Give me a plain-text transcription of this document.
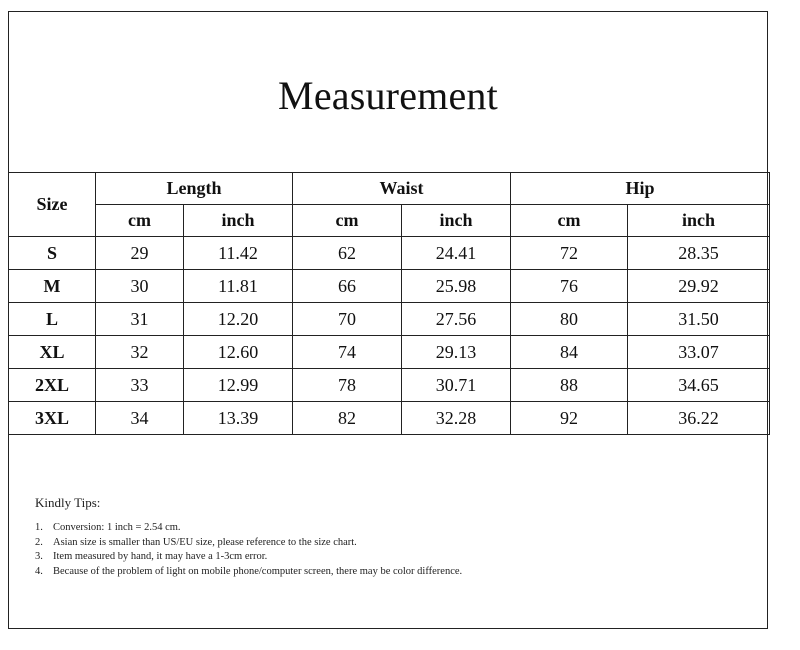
Measurement
Size	Length		Waist		Hip	
	cm	inch	cm	inch	cm	inch
S	29	11.42	62	24.41	72	28.35
M	30	11.81	66	25.98	76	29.92
L	31	12.20	70	27.56	80	31.50
XL	32	12.60	74	29.13	84	33.07
2XL	33	12.99	78	30.71	88	34.65
3XL	34	13.39	82	32.28	92	36.22
Kindly Tips:
1. Conversion: 1 inch = 2.54 cm.
2. Asian size is smaller than US/EU size, please reference to the size chart.
3. Item measured by hand, it may have a 1-3cm error.
4. Because of the problem of light on mobile phone/computer screen, there may be color difference.
